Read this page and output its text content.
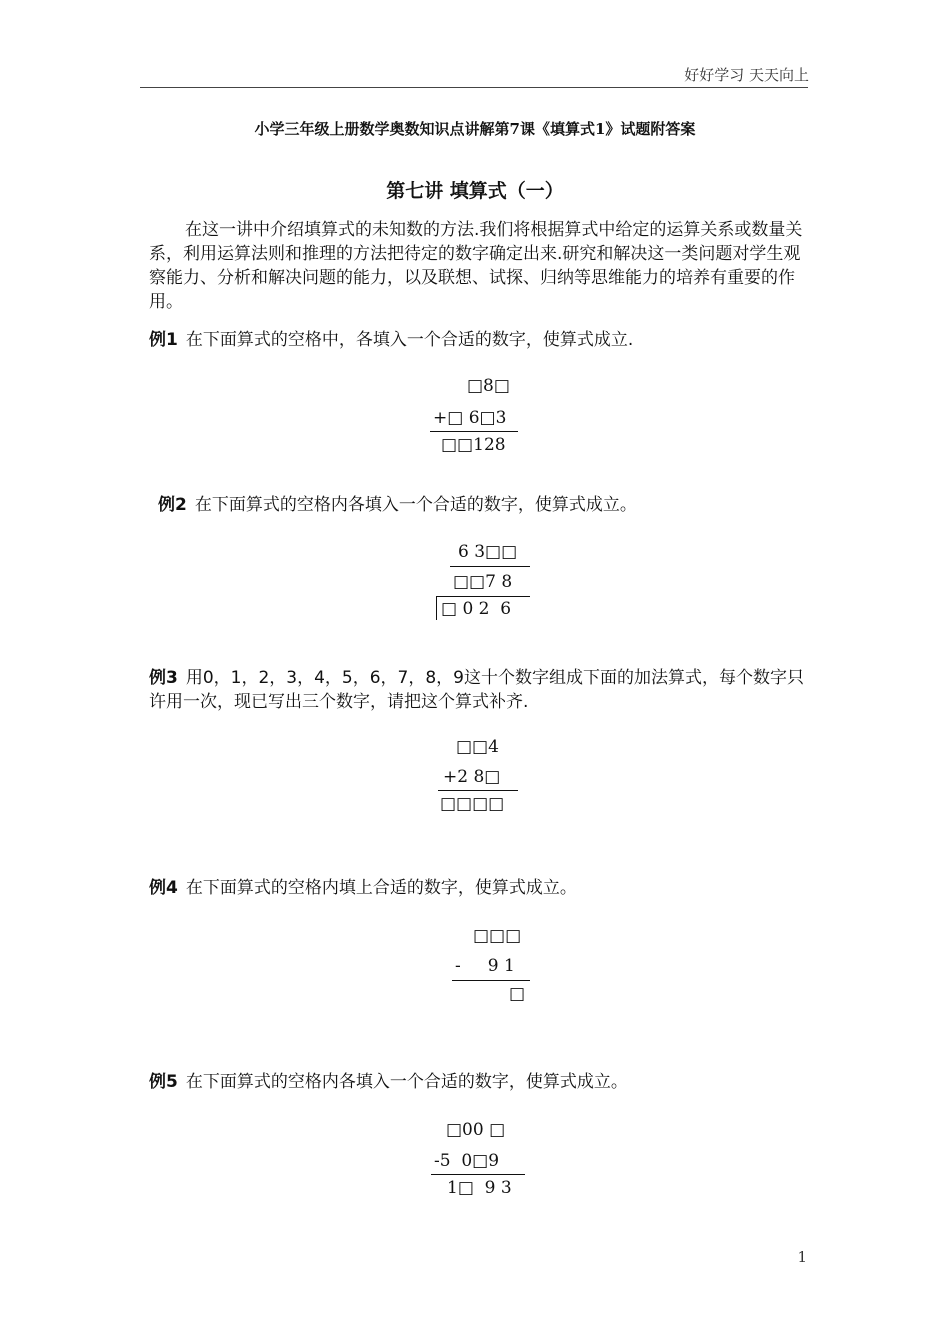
好好学习 天天向上
小学三年级上册数学奥数知识点讲解第7课《填算式1》试题附答案
第七讲 填算式（一）
在这一讲中介绍填算式的未知数的方法.我们将根据算式中给定的运算关系或数量关系，利用运算法则和推理的方法把待定的数字确定出来.研究和解决这一类问题对学生观察能力、分析和解决问题的能力，以及联想、试探、归纳等思维能力的培养有重要的作用。
例1 在下面算式的空格中，各填入一个合适的数字，使算式成立.
□8□
+□ 6□3
□□128
例2 在下面算式的空格内各填入一个合适的数字，使算式成立。
6 3□□
□□7 8
□ 0 2  6
例3 用0，1，2，3，4，5，6，7，8，9这十个数字组成下面的加法算式，每个数字只许用一次，现已写出三个数字，请把这个算式补齐.
□□4
+2 8□
□□□□
例4 在下面算式的空格内填上合适的数字，使算式成立。
□□□
-     9 1
□
例5 在下面算式的空格内各填入一个合适的数字，使算式成立。
□00 □
-5  0□9
1□  9 3
1
